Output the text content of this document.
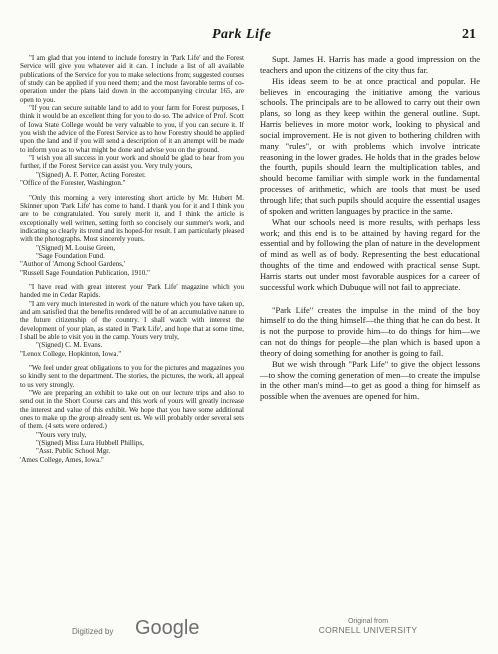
Park Life	21

"I am glad that you intend to include forestry in 'Park Life' and the Forest Service will give you whatever aid it can. I include a list of all available publications of the Service for you to make selections from; suggested courses of study can be applied if you need them; and the most favorable terms of co-operation under the plans laid down in the accompanying circular 165, are open to you.

"If you can secure suitable land to add to your farm for Forest purposes, I think it would be an excellent thing for you to do so. The advice of Prof. Scott of Iowa State College would be very valuable to you, if you can secure it. If you wish the advice of the Forest Service as to how Forestry should be applied upon the land and if you will send a description of it an attempt will be made to inform you as to what might be done and advise you on the ground.

"I wish you all success in your work and should be glad to hear from you further, if the Forest Service can assist you. Very truly yours,

"(Signed) A. F. Potter, Acting Forester.

"Office of the Forester, Washington."

"Only this morning a very interesting short article by Mr. Hubert M. Skinner upon 'Park Life' has come to hand. I thank you for it and I think you are to be congratulated. You surely merit it, and I think the article is exceptionally well written, setting forth so concisely our summer's work, and indicating so clearly its trend and its hoped-for result. I am particularly pleased with the photographs. Most sincerely yours.

"(Signed) M. Louise Green,

"Sage Foundation Fund.

"Author of 'Among School Gardens,'

"Russell Sage Foundation Publication, 1910."

"I have read with great interest your 'Park Life' magazine which you handed me in Cedar Rapids.

"I am very much interested in work of the nature which you have taken up, and am satisfied that the benefits rendered will be of an accumulative nature to the future citizenship of the country. I shall watch with interest the development of your plan, as stated in 'Park Life', and hope that at some time, I shall be able to visit you in the camp. Yours very truly,

"(Signed) C. M. Evans.

"Lenox College, Hopkinton, Iowa."

"We feel under great obligations to you for the pictures and magazines you so kindly sent to the department. The stories, the pictures, the work, all appeal to us very strongly.

"We are preparing an exhibit to take out on our lecture trips and also to send out in the Short Course cars and this work of yours will greatly increase the interest and value of this exhibit. We hope that you have some additional ones to make up the group already sent us. We will probably order several sets of them. (4 sets were ordered.)

"Yours very truly,

"(Signed) Miss Lura Hubbell Phillips,

"Asst. Public School Mgr.

'Ames College, Ames, Iowa."

Supt. James H. Harris has made a good impression on the teachers and upon the citizens of the city thus far.

His ideas seem to be at once practical and popular. He believes in encouraging the initiative among the various schools. The principals are to be allowed to carry out their own plans, so long as they keep within the general outline. Supt. Harris believes in more motor work, looking to physical and social improvement. He is not given to bothering children with many "rules", or with problems which involve intricate reasoning in the lower grades. He holds that in the grades below the fourth, pupils should learn the multiplication tables, and should become familiar with simple work in the fundamental processes of arithmetic, which are tools that must be used through life; that such pupils should acquire the essential usages of spoken and written languages by practice in the same.

What our schools need is more results, with perhaps less work; and this end is to be attained by having regard for the essential and by following the plan of nature in the development of mind as well as of body. Representing the best educational thoughts of the time and endowed with practical sense Supt. Harris starts out under most favorable auspices for a career of successful work which Dubuque will not fail to appreciate.

"Park Life" creates the impulse in the mind of the boy himself to do the thing himself—the thing that he can do best. It is not the purpose to provide him—to do things for him—we can not do things for people—the plan which is based upon a theory of doing something for another is going to fail.

But we wish through "Park Life" to give the object lessons—to show the coming generation of men—to create the impulse in the other man's mind—to get as good a thing for himself as possible when the avenues are opened for him.

Digitized by Google	Original from
CORNELL UNIVERSITY
